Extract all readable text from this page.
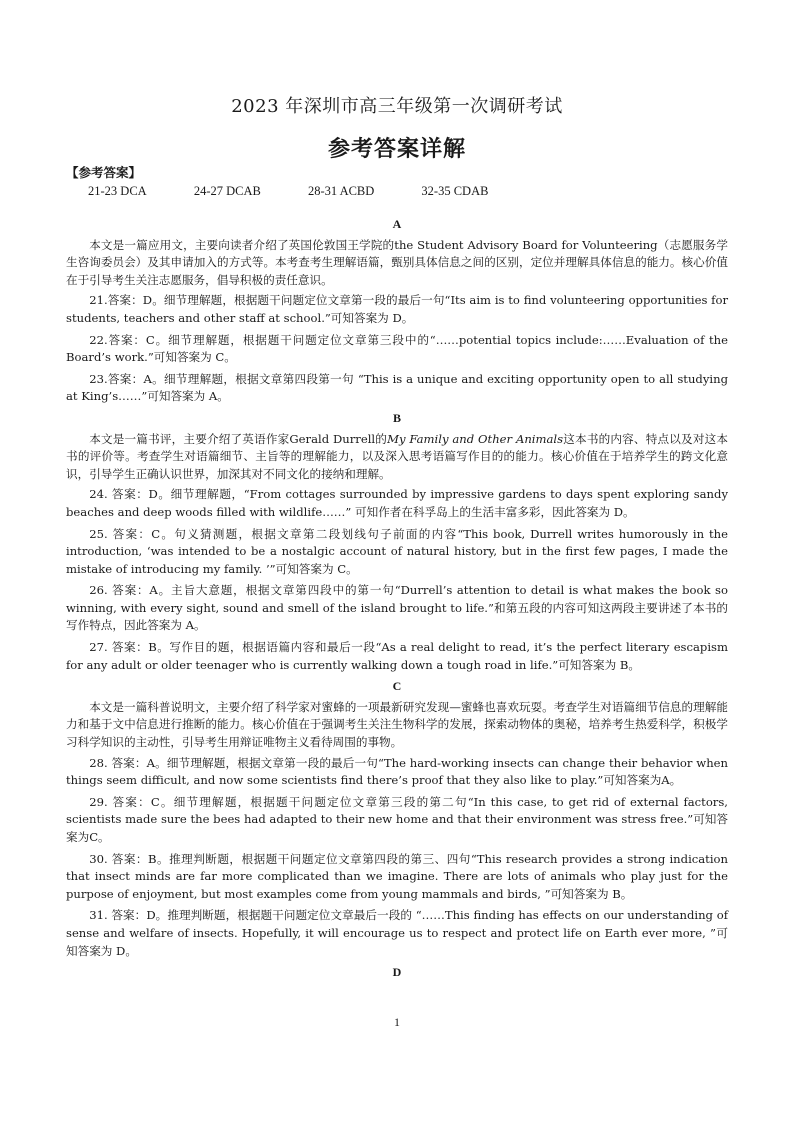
2023 年深圳市高三年级第一次调研考试
参考答案详解
【参考答案】
21-23 DCA	24-27 DCAB	28-31 ACBD	32-35 CDAB
A

本文是一篇应用文，主要向读者介绍了英国伦敦国王学院的the Student Advisory Board for Volunteering（志愿服务学生咨询委员会）及其申请加入的方式等。本考查考生理解语篇，甄别具体信息之间的区别，定位并理解具体信息的能力。核心价值在于引导考生关注志愿服务，倡导积极的责任意识。

21.答案：D。细节理解题，根据题干问题定位文章第一段的最后一句“Its aim is to find volunteering opportunities for students, teachers and other staff at school.”可知答案为 D。

22.答案：C。细节理解题，根据题干问题定位文章第三段中的“……potential topics include:……Evaluation of the Board’s work.”可知答案为 C。

23.答案：A。细节理解题，根据文章第四段第一句 “This is a unique and exciting opportunity open to all studying at King’s……”可知答案为 A。

B

本文是一篇书评，主要介绍了英语作家Gerald Durrell的My Family and Other Animals这本书的内容、特点以及对这本书的评价等。考查学生对语篇细节、主旨等的理解能力，以及深入思考语篇写作目的的能力。核心价值在于培养学生的跨文化意识，引导学生正确认识世界，加深其对不同文化的接纳和理解。

24. 答案：D。细节理解题，“From cottages surrounded by impressive gardens to days spent exploring sandy beaches and deep woods filled with wildlife……” 可知作者在科孚岛上的生活丰富多彩，因此答案为 D。

25. 答案：C。句义猜测题，根据文章第二段划线句子前面的内容“This book, Durrell writes humorously in the introduction, ‘was intended to be a nostalgic account of natural history, but in the first few pages, I made the mistake of introducing my family. ’”可知答案为 C。

26. 答案：A。主旨大意题，根据文章第四段中的第一句“Durrell’s attention to detail is what makes the book so winning, with every sight, sound and smell of the island brought to life.”和第五段的内容可知这两段主要讲述了本书的写作特点，因此答案为 A。

27. 答案：B。写作目的题，根据语篇内容和最后一段“As a real delight to read, it’s the perfect literary escapism for any adult or older teenager who is currently walking down a tough road in life.”可知答案为 B。

C

本文是一篇科普说明文，主要介绍了科学家对蜜蜂的一项最新研究发现—蜜蜂也喜欢玩耍。考查学生对语篇细节信息的理解能力和基于文中信息进行推断的能力。核心价值在于强调考生关注生物科学的发展，探索动物体的奥秘，培养考生热爱科学，积极学习科学知识的主动性，引导考生用辩证唯物主义看待周围的事物。

28. 答案：A。细节理解题，根据文章第一段的最后一句“The hard-working insects can change their behavior when things seem difficult, and now some scientists find there’s proof that they also like to play.”可知答案为A。

29. 答案：C。细节理解题，根据题干问题定位文章第三段的第二句“In this case, to get rid of external factors, scientists made sure the bees had adapted to their new home and that their environment was stress free.”可知答案为C。

30. 答案：B。推理判断题，根据题干问题定位文章第四段的第三、四句“This research provides a strong indication that insect minds are far more complicated than we imagine. There are lots of animals who play just for the purpose of enjoyment, but most examples come from young mammals and birds, ”可知答案为 B。

31. 答案：D。推理判断题，根据题干问题定位文章最后一段的 “……This finding has effects on our understanding of sense and welfare of insects. Hopefully, it will encourage us to respect and protect life on Earth ever more, ”可知答案为 D。

D
1
